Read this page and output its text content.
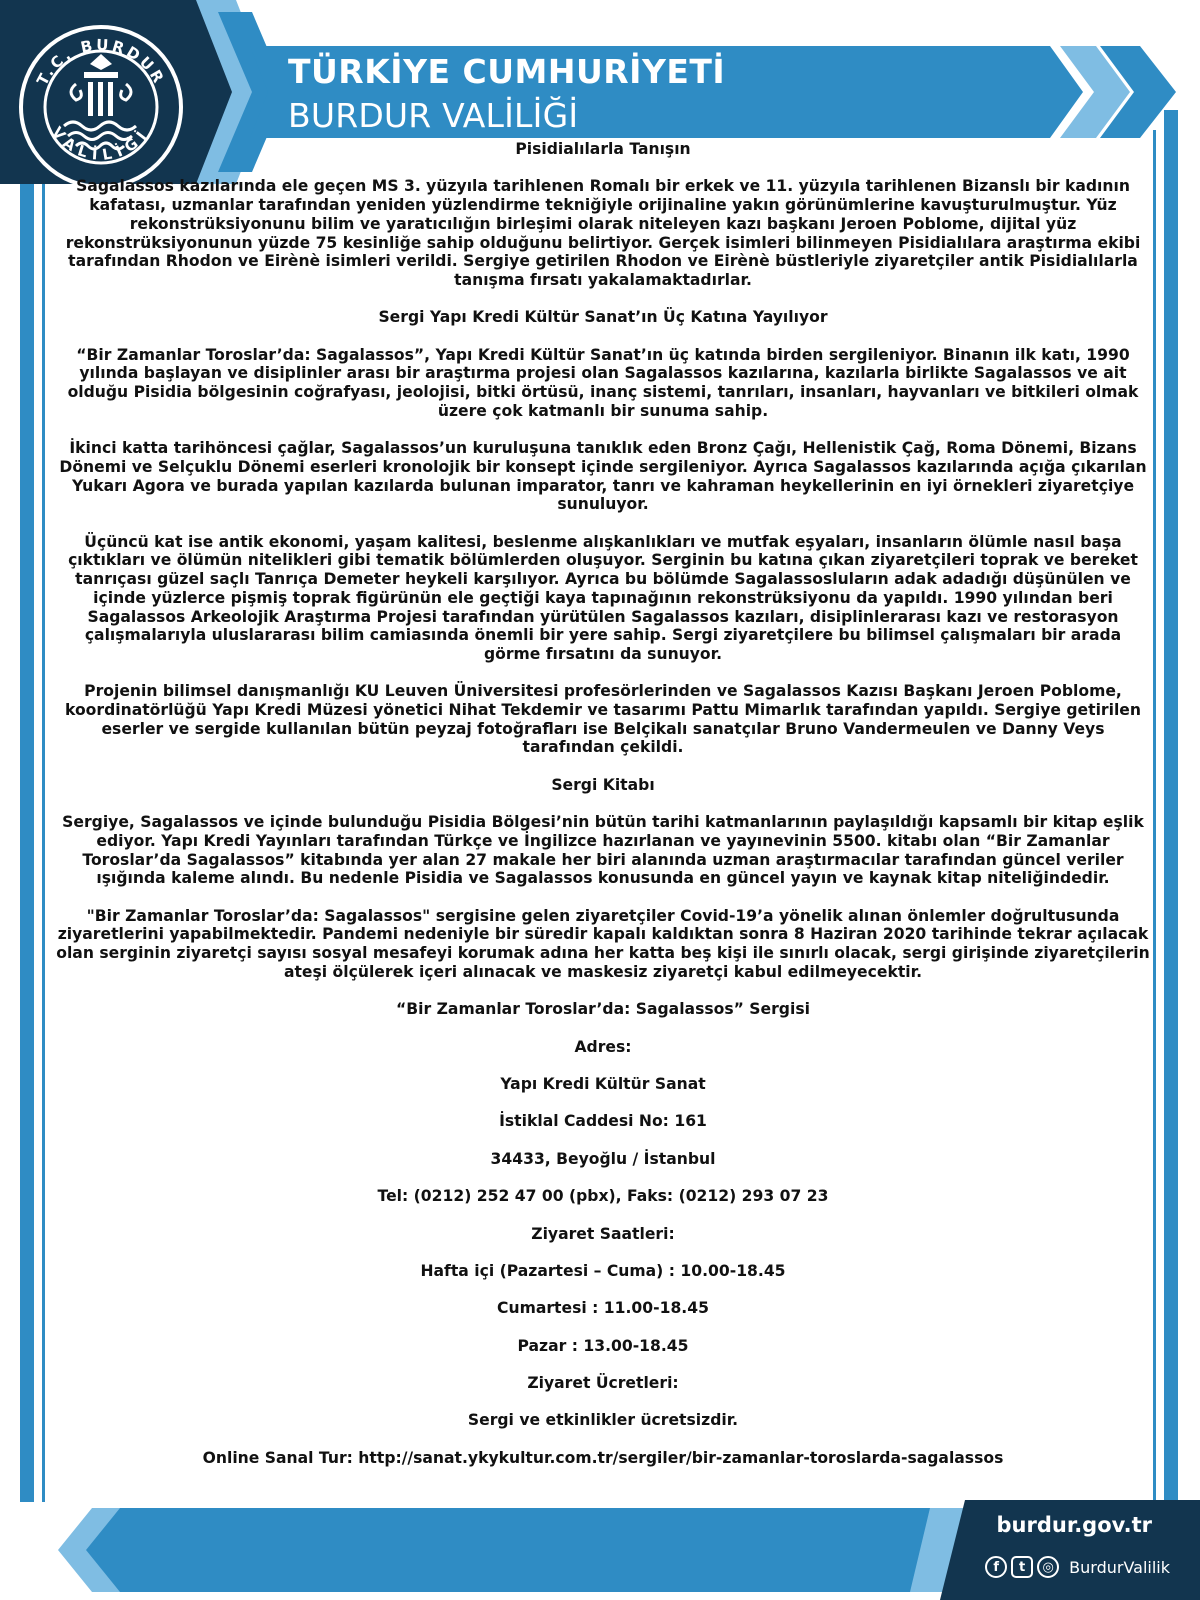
T.C. BURDUR
VALİLİĞİ
TÜRKİYE CUMHURİYETİ
BURDUR VALİLİĞİ
Pisidialılarla Tanışın

Sagalassos kazılarında ele geçen MS 3. yüzyıla tarihlenen Romalı bir erkek ve 11. yüzyıla tarihlenen Bizanslı bir kadının kafatası, uzmanlar tarafından yeniden yüzlendirme tekniğiyle orijinaline yakın görünümlerine kavuşturulmuştur. Yüz rekonstrüksiyonunu bilim ve yaratıcılığın birleşimi olarak niteleyen kazı başkanı Jeroen Poblome, dijital yüz rekonstrüksiyonunun yüzde 75 kesinliğe sahip olduğunu belirtiyor. Gerçek isimleri bilinmeyen Pisidialılara araştırma ekibi tarafından Rhodon ve Eirènè isimleri verildi. Sergiye getirilen Rhodon ve Eirènè büstleriyle ziyaretçiler antik Pisidialılarla tanışma fırsatı yakalamaktadırlar.

Sergi Yapı Kredi Kültür Sanat’ın Üç Katına Yayılıyor

“Bir Zamanlar Toroslar’da: Sagalassos”, Yapı Kredi Kültür Sanat’ın üç katında birden sergileniyor. Binanın ilk katı, 1990 yılında başlayan ve disiplinler arası bir araştırma projesi olan Sagalassos kazılarına, kazılarla birlikte Sagalassos ve ait olduğu Pisidia bölgesinin coğrafyası, jeolojisi, bitki örtüsü, inanç sistemi, tanrıları, insanları, hayvanları ve bitkileri olmak üzere çok katmanlı bir sunuma sahip.

İkinci katta tarihöncesi çağlar, Sagalassos’un kuruluşuna tanıklık eden Bronz Çağı, Hellenistik Çağ, Roma Dönemi, Bizans Dönemi ve Selçuklu Dönemi eserleri kronolojik bir konsept içinde sergileniyor. Ayrıca Sagalassos kazılarında açığa çıkarılan Yukarı Agora ve burada yapılan kazılarda bulunan imparator, tanrı ve kahraman heykellerinin en iyi örnekleri ziyaretçiye sunuluyor.

Üçüncü kat ise antik ekonomi, yaşam kalitesi, beslenme alışkanlıkları ve mutfak eşyaları, insanların ölümle nasıl başa çıktıkları ve ölümün nitelikleri gibi tematik bölümlerden oluşuyor. Serginin bu katına çıkan ziyaretçileri toprak ve bereket tanrıçası güzel saçlı Tanrıça Demeter heykeli karşılıyor. Ayrıca bu bölümde Sagalassosluların adak adadığı düşünülen ve içinde yüzlerce pişmiş toprak figürünün ele geçtiği kaya tapınağının rekonstrüksiyonu da yapıldı. 1990 yılından beri Sagalassos Arkeolojik Araştırma Projesi tarafından yürütülen Sagalassos kazıları, disiplinlerarası kazı ve restorasyon çalışmalarıyla uluslararası bilim camiasında önemli bir yere sahip. Sergi ziyaretçilere bu bilimsel çalışmaları bir arada görme fırsatını da sunuyor.

Projenin bilimsel danışmanlığı KU Leuven Üniversitesi profesörlerinden ve Sagalassos Kazısı Başkanı Jeroen Poblome, koordinatörlüğü Yapı Kredi Müzesi yönetici Nihat Tekdemir ve tasarımı Pattu Mimarlık tarafından yapıldı. Sergiye getirilen eserler ve sergide kullanılan bütün peyzaj fotoğrafları ise Belçikalı sanatçılar Bruno Vandermeulen ve Danny Veys tarafından çekildi.

Sergi Kitabı

Sergiye, Sagalassos ve içinde bulunduğu Pisidia Bölgesi’nin bütün tarihi katmanlarının paylaşıldığı kapsamlı bir kitap eşlik ediyor. Yapı Kredi Yayınları tarafından Türkçe ve İngilizce hazırlanan ve yayınevinin 5500. kitabı olan “Bir Zamanlar Toroslar’da Sagalassos” kitabında yer alan 27 makale her biri alanında uzman araştırmacılar tarafından güncel veriler ışığında kaleme alındı. Bu nedenle Pisidia ve Sagalassos konusunda en güncel yayın ve kaynak kitap niteliğindedir.

"Bir Zamanlar Toroslar’da: Sagalassos" sergisine gelen ziyaretçiler Covid-19’a yönelik alınan önlemler doğrultusunda ziyaretlerini yapabilmektedir. Pandemi nedeniyle bir süredir kapalı kaldıktan sonra 8 Haziran 2020 tarihinde tekrar açılacak olan serginin ziyaretçi sayısı sosyal mesafeyi korumak adına her katta beş kişi ile sınırlı olacak, sergi girişinde ziyaretçilerin ateşi ölçülerek içeri alınacak ve maskesiz ziyaretçi kabul edilmeyecektir.

“Bir Zamanlar Toroslar’da: Sagalassos” Sergisi
Adres:
Yapı Kredi Kültür Sanat
İstiklal Caddesi No: 161
34433, Beyoğlu / İstanbul
Tel: (0212) 252 47 00 (pbx), Faks: (0212) 293 07 23
Ziyaret Saatleri:
Hafta içi (Pazartesi – Cuma) : 10.00-18.45
Cumartesi : 11.00-18.45
Pazar : 13.00-18.45
Ziyaret Ücretleri:
Sergi ve etkinlikler ücretsizdir.
Online Sanal Tur: http://sanat.ykykultur.com.tr/sergiler/bir-zamanlar-toroslarda-sagalassos
burdur.gov.tr
f	t	◎ BurdurValilik
